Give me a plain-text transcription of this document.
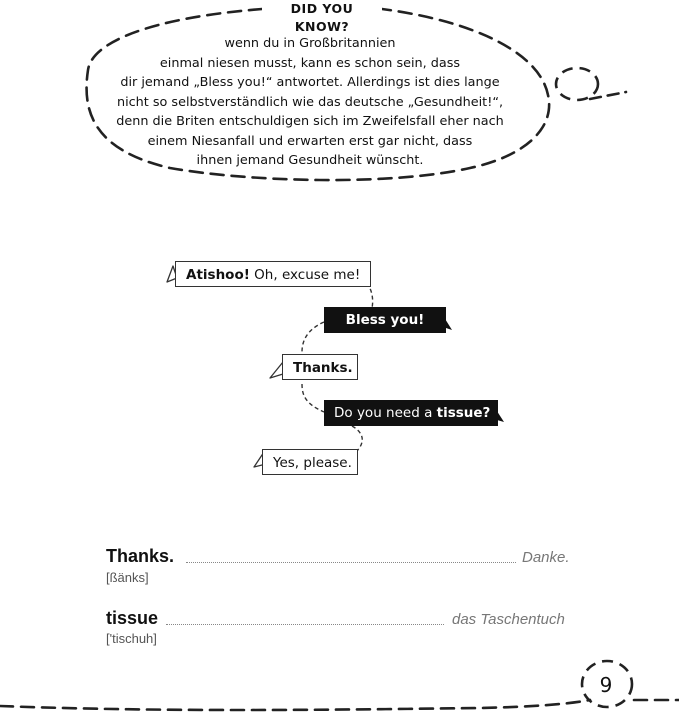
DID YOU KNOW?
wenn du in Großbritannien
einmal niesen musst, kann es schon sein, dass
dir jemand „Bless you!“ antwortet. Allerdings ist dies lange
nicht so selbstverständlich wie das deutsche „Gesundheit!“,
denn die Briten entschuldigen sich im Zweifelsfall eher nach
einem Niesanfall und erwarten erst gar nicht, dass
ihnen jemand Gesundheit wünscht.
Atishoo! Oh, excuse me!
Bless you!
Thanks.
Do you need a tissue?
Yes, please.
Thanks.	Danke.
[ßänks]
tissue	das Taschentuch
['tischuh]
9
